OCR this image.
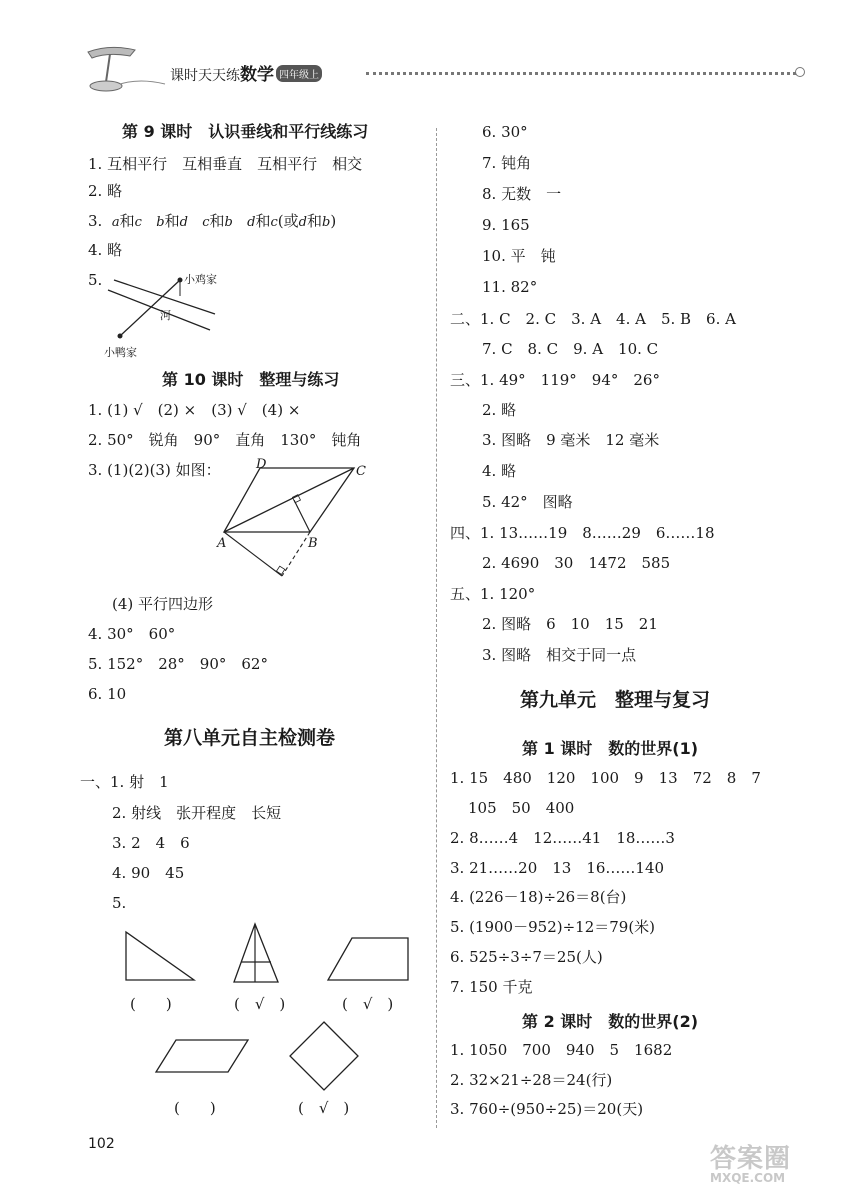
课时天天练数学 四年级上
第 9 课时　认识垂线和平行线练习
1. 互相平行　互相垂直　互相平行　相交
2. 略
3. a和c b和d c和b d和c(或d和b)
4. 略
5.	小鸡家
河
小鸭家
第 10 课时　整理与练习
1. (1) √　(2) ×　(3) √　(4) ×
2. 50°　锐角　90°　直角　130°　钝角
3. (1)(2)(3) 如图：	D	C
A	B
(4) 平行四边形
4. 30°　60°
5. 152°　28°　90°　62°
6. 10
第八单元自主检测卷
一、1. 射　1
2. 射线　张开程度　长短
3. 2　4　6
4. 90　45
5.
(　　)	(　√　)	(　√　)
(　　)	(　√　)
6. 30°
7. 钝角
8. 无数　一
9. 165
10. 平　钝
11. 82°
二、1. C　2. C　3. A　4. A　5. B　6. A
7. C　8. C　9. A　10. C
三、1. 49°　119°　94°　26°
2. 略
3. 图略　9 毫米　12 毫米
4. 略
5. 42°　图略
四、1. 13……19　8……29　6……18
2. 4690　30　1472　585
五、1. 120°
2. 图略　6　10　15　21
3. 图略　相交于同一点
第九单元　整理与复习
第 1 课时　数的世界(1)
1. 15　480　120　100　9　13　72　8　7
105　50　400
2. 8……4　12……41　18……3
3. 21……20　13　16……140
4. (226－18)÷26＝8(台)
5. (1900－952)÷12＝79(米)
6. 525÷3÷7＝25(人)
7. 150 千克
第 2 课时　数的世界(2)
1. 1050　700　940　5　1682
2. 32×21÷28＝24(行)
3. 760÷(950÷25)＝20(天)
102	答案圈
MXQE.COM
